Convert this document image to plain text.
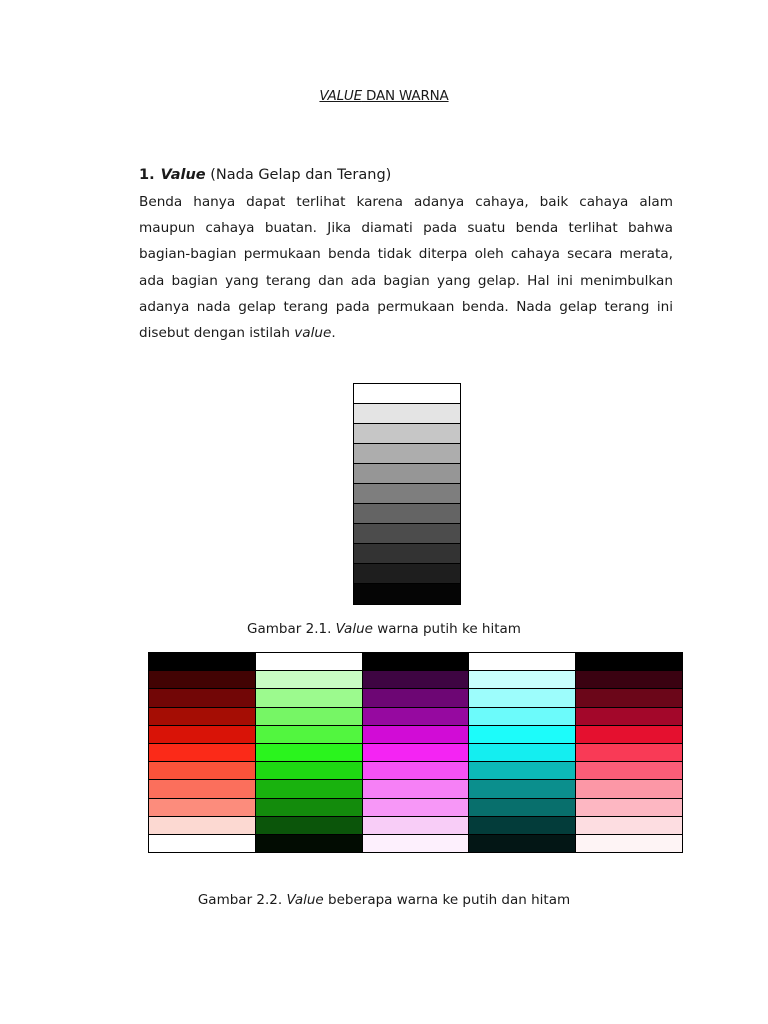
VALUE DAN WARNA
1. Value (Nada Gelap dan Terang)
Benda hanya dapat terlihat karena adanya cahaya, baik cahaya alam maupun cahaya buatan. Jika diamati pada suatu benda terlihat bahwa bagian-bagian permukaan benda tidak diterpa oleh cahaya secara merata, ada bagian yang terang dan ada bagian yang gelap. Hal ini menimbulkan adanya nada gelap terang pada permukaan benda. Nada gelap terang ini disebut dengan istilah value.
Gambar 2.1. Value warna putih ke hitam
Gambar 2.2. Value beberapa warna ke putih dan hitam
